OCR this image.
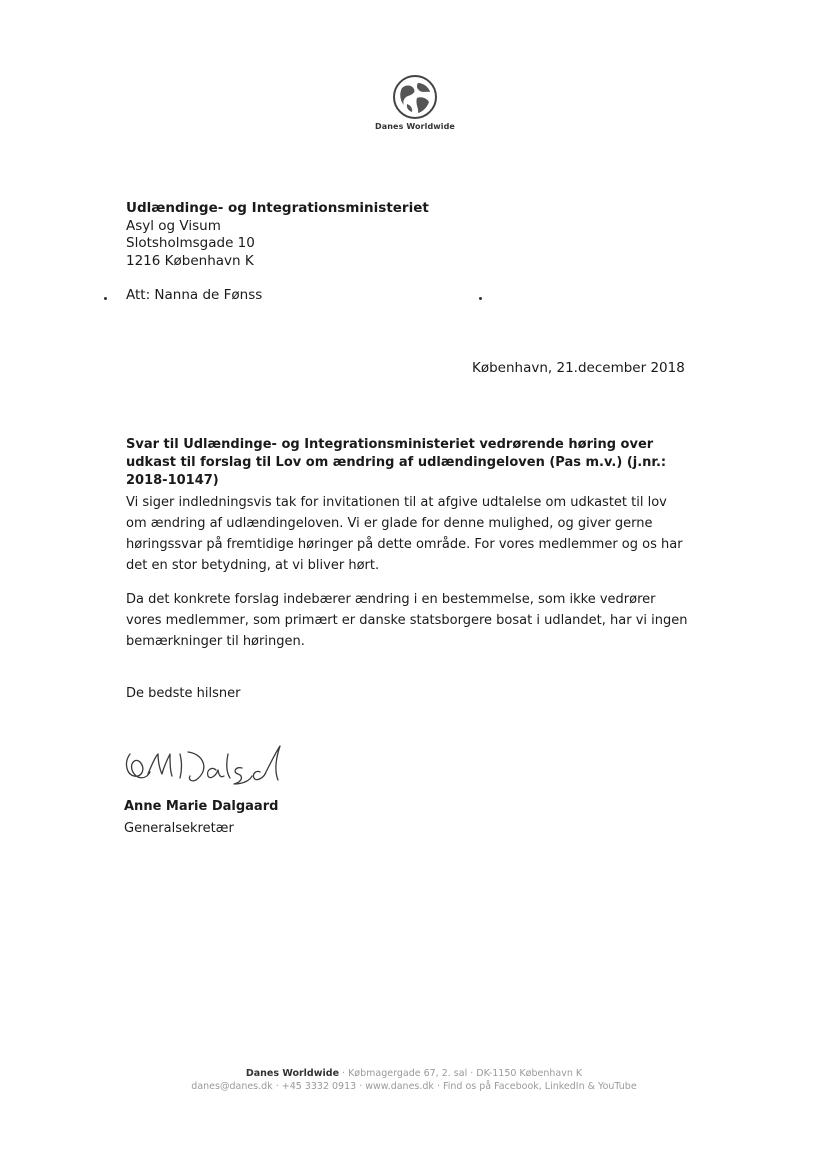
Danes Worldwide
Udlændinge- og Integrationsministeriet
Asyl og Visum
Slotsholmsgade 10
1216 København K
Att: Nanna de Fønss
København, 21.december 2018
Svar til Udlændinge- og Integrationsministeriet vedrørende høring over udkast til forslag til Lov om ændring af udlændingeloven (Pas m.v.) (j.nr.: 2018-10147)

Vi siger indledningsvis tak for invitationen til at afgive udtalelse om udkastet til lov om ændring af udlændingeloven. Vi er glade for denne mulighed, og giver gerne høringssvar på fremtidige høringer på dette område. For vores medlemmer og os har det en stor betydning, at vi bliver hørt.

Da det konkrete forslag indebærer ændring i en bestemmelse, som ikke vedrører vores medlemmer, som primært er danske statsborgere bosat i udlandet, har vi ingen bemærkninger til høringen.

De bedste hilsner
Anne Marie Dalgaard
Generalsekretær
Danes Worldwide · Købmagergade 67, 2. sal · DK-1150 København K
danes@danes.dk · +45 3332 0913 · www.danes.dk · Find os på Facebook, LinkedIn & YouTube
